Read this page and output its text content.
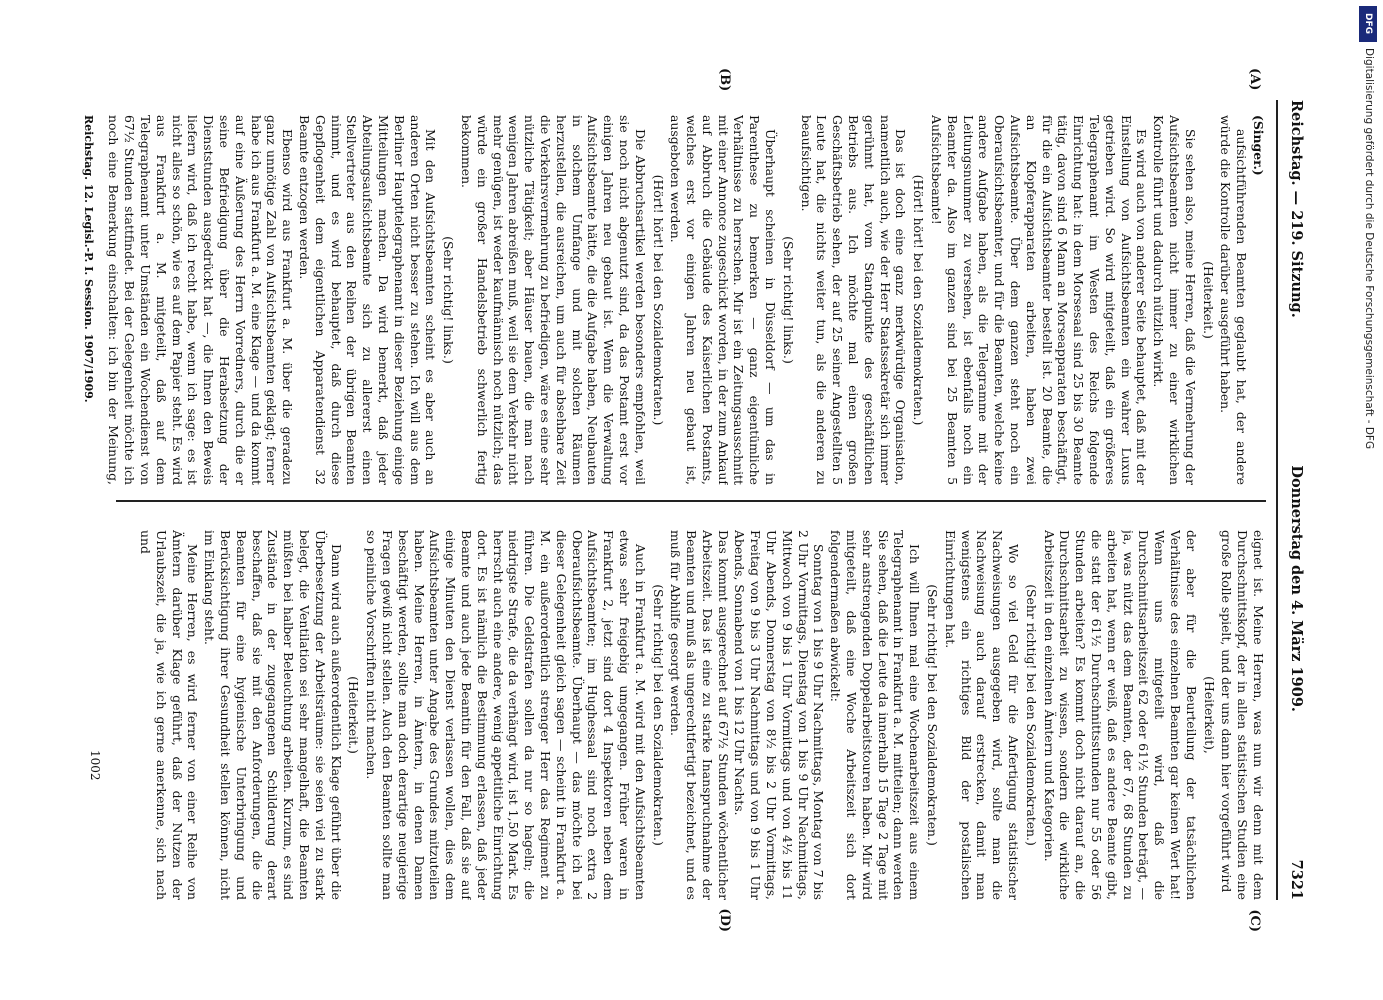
Reichstag. — 219. Sitzung.
Donnerstag den 4. März 1909.
7321
(A)
(B)
(C)
(D)

(Singer.)

aufsichtführenden Beamten geglaubt hat, der andere würde die Kontrolle darüber ausgeführt haben.

(Heiterkeit.)

Sie sehen also, meine Herren, daß die Vermehrung der Aufsichtsbeamten nicht immer zu einer wirklichen Kontrolle führt und dadurch nützlich wirkt.

Es wird auch von anderer Seite behauptet, daß mit der Einstellung von Aufsichtsbeamten ein wahrer Luxus getrieben wird. So wird mitgeteilt, daß ein größeres Telegraphenamt im Westen des Reichs folgende Einrichtung hat: in dem Morsesaal sind 25 bis 30 Beamte tätig, davon sind 6 Mann an Morseapparaten beschäftigt, für die ein Aufsichtsbeamter bestellt ist. 20 Beamte, die an Klopferapparaten arbeiten, haben zwei Aufsichtsbeamte. Über dem ganzen steht noch ein Oberaufsichtsbeamter, und für die Beamten, welche keine andere Aufgabe haben, als die Telegramme mit der Leitungsnummer zu versehen, ist ebenfalls noch ein Beamter da. Also im ganzen sind bei 25 Beamten 5 Aufsichtsbeamte!

(Hört! hört! bei den Sozialdemokraten.)

Das ist doch eine ganz merkwürdige Organisation, namentlich auch, wie der Herr Staatssekretär sich immer gerühmt hat, vom Standpunkte des geschäftlichen Betriebs aus. Ich möchte mal einen großen Geschäftsbetrieb sehen, der auf 25 seiner Angestellten 5 Leute hat, die nichts weiter tun, als die anderen zu beaufsichtigen.

(Sehr richtig! links.)

Überhaupt scheinen in Düsseldorf — um das in Parenthese zu bemerken — ganz eigentümliche Verhältnisse zu herrschen. Mir ist ein Zeitungsausschnitt mit einer Annonce zugeschickt worden, in der zum Ankauf auf Abbruch die Gebäude des Kaiserlichen Postamts, welches erst vor einigen Jahren neu gebaut ist, ausgeboten werden.

(Hört! hört! bei den Sozialdemokraten.)

Die Abbruchsartikel werden besonders empfohlen, weil sie noch nicht abgenutzt sind, da das Postamt erst vor einigen Jahren neu gebaut ist. Wenn die Verwaltung Aufsichtsbeamte hätte, die die Aufgabe haben, Neubauten in solchem Umfange und mit solchen Räumen herzustellen, die ausreichen, um auch für absehbare Zeit die Verkehrsvermehrung zu befriedigen, wäre es eine sehr nützliche Tätigkeit; aber Häuser bauen, die man nach wenigen Jahren abreißen muß, weil sie dem Verkehr nicht mehr genügen, ist weder kaufmännisch noch nützlich; das würde ein großer Handelsbetrieb schwerlich fertig bekommen.

(Sehr richtig! links.)

Mit den Aufsichtsbeamten scheint es aber auch an anderen Orten nicht besser zu stehen. Ich will aus dem Berliner Haupttelegraphenamt in dieser Beziehung einige Mitteilungen machen. Da wird bemerkt, daß jeder Abteilungsaufsichtsbeamte sich zu allererst einen Stellvertreter aus den Reihen der übrigen Beamten nimmt, und es wird behauptet, daß durch diese Gepflogenheit dem eigentlichen Apparatendienst 32 Beamte entzogen werden.

Ebenso wird aus Frankfurt a. M. über die geradezu ganz unnötige Zahl von Aufsichtsbeamten geklagt; ferner habe ich aus Frankfurt a. M. eine Klage — und da kommt auf eine Äußerung des Herrn Vorredners, durch die er seine Befriedigung über die Herabsetzung der Dienststunden ausgedrückt hat —, die Ihnen den Beweis liefern wird, daß ich recht habe, wenn ich sage: es ist nicht alles so schön, wie es auf dem Papier steht. Es wird aus Frankfurt a. M. mitgeteilt, daß auf dem Telegraphenamt unter Umständen ein Wochendienst von 67½ Stunden stattfindet. Bei der Gelegenheit möchte ich noch eine Bemerkung einschalten: ich bin der Meinung,

eignet ist. Meine Herren, was nun wir denn mit dem Durchschnittskopf, der in allen statistischen Studien eine große Rolle spielt, und der uns dann hier vorgeführt wird

(Heiterkeit),

der aber für die Beurteilung der tatsächlichen Verhältnisse des einzelnen Beamten gar keinen Wert hat! Wenn uns mitgeteilt wird, daß die Durchschnittsarbeitszeit 62 oder 61½ Stunden beträgt, — ja, was nützt das dem Beamten, der 67, 68 Stunden zu arbeiten hat, wenn er weiß, daß es andere Beamte gibt, die statt der 61½ Durchschnittsstunden nur 55 oder 56 Stunden arbeiten? Es kommt doch nicht darauf an, die Durchschnittsarbeit zu wissen, sondern die wirkliche Arbeitszeit in den einzelnen Ämtern und Kategorien.

(Sehr richtig! bei den Sozialdemokraten.)

Wo so viel Geld für die Anfertigung statistischer Nachweisungen ausgegeben wird, sollte man die Nachweisung auch darauf erstrecken, damit man wenigstens ein richtiges Bild der postalischen Einrichtungen hat.

(Sehr richtig! bei den Sozialdemokraten.)

Ich will Ihnen mal eine Wochenarbeitszeit aus einem Telegraphenamt in Frankfurt a. M. mitteilen; dann werden Sie sehen, daß die Leute da innerhalb 15 Tage 2 Tage mit sehr anstrengenden Doppelarbeitstouren haben. Mir wird mitgeteilt, daß eine Woche Arbeitszeit sich dort folgendermaßen abwickelt:

Sonntag von 1 bis 9 Uhr Nachmittags, Montag von 7 bis 2 Uhr Vormittags, Dienstag von 1 bis 9 Uhr Nachmittags, Mittwoch von 9 bis 1 Uhr Vormittags und von 4½ bis 11 Uhr Abends, Donnerstag von 8½ bis 2 Uhr Vormittags, Freitag von 9 bis 3 Uhr Nachmittags und von 9 bis 1 Uhr Abends, Sonnabend von 1 bis 12 Uhr Nachts.

Das kommt ausgerechnet auf 67½ Stunden wöchentlicher Arbeitszeit. Das ist eine zu starke Inanspruchnahme der Beamten und muß als ungerechtfertigt bezeichnet, und es muß für Abhilfe gesorgt werden.

(Sehr richtig! bei den Sozialdemokraten.)

Auch in Frankfurt a. M. wird mit den Aufsichtsbeamten etwas sehr freigebig umgegangen. Früher waren in Frankfurt 2, jetzt sind dort 4 Inspektoren neben dem Aufsichtsbeamten; im Hughessaal sind noch extra 2 Oberaufsichtsbeamte. Überhaupt — das möchte ich bei dieser Gelegenheit gleich sagen — scheint in Frankfurt a. M. ein außerordentlich strenger Herr das Regiment zu führen. Die Geldstrafen sollen da nur so hageln; die niedrigste Strafe, die da verhängt wird, ist 1,50 Mark. Es herrscht auch eine andere, wenig appetitliche Einrichtung dort. Es ist nämlich die Bestimmung erlassen, daß jeder Beamte und auch jede Beamtin für den Fall, daß sie auf einige Minuten den Dienst verlassen wollen, dies dem Aufsichtsbeamten unter Angabe des Grundes mitzuteilen haben. Meine Herren, in Ämtern, in denen Damen beschäftigt werden, sollte man doch derartige neugierige Fragen gewiß nicht stellen. Auch den Beamten sollte man so peinliche Vorschriften nicht machen.

(Heiterkeit.)

Dann wird auch außerordentlich Klage geführt über die Überbesetzung der Arbeitsräume: sie seien viel zu stark belegt, die Ventilation sei sehr mangelhaft, die Beamten müßten bei halber Beleuchtung arbeiten. Kurzum, es sind Zustände in der zugegangenen Schilderung derart beschaffen, daß sie mit den Anforderungen, die die Beamten für eine hygienische Unterbringung und Berücksichtigung ihrer Gesundheit stellen können, nicht im Einklang steht.

Meine Herren, es wird ferner von einer Reihe von Ämtern darüber Klage geführt, daß der Nutzen der Urlaubszeit, die ja, wie ich gerne anerkenne, sich nach und

Reichstag. 12. Legisl.-P. I. Session. 1907/1909.
1002
DFG
Digitalisierung gefördert durch die Deutsche Forschungsgemeinschaft - DFG
